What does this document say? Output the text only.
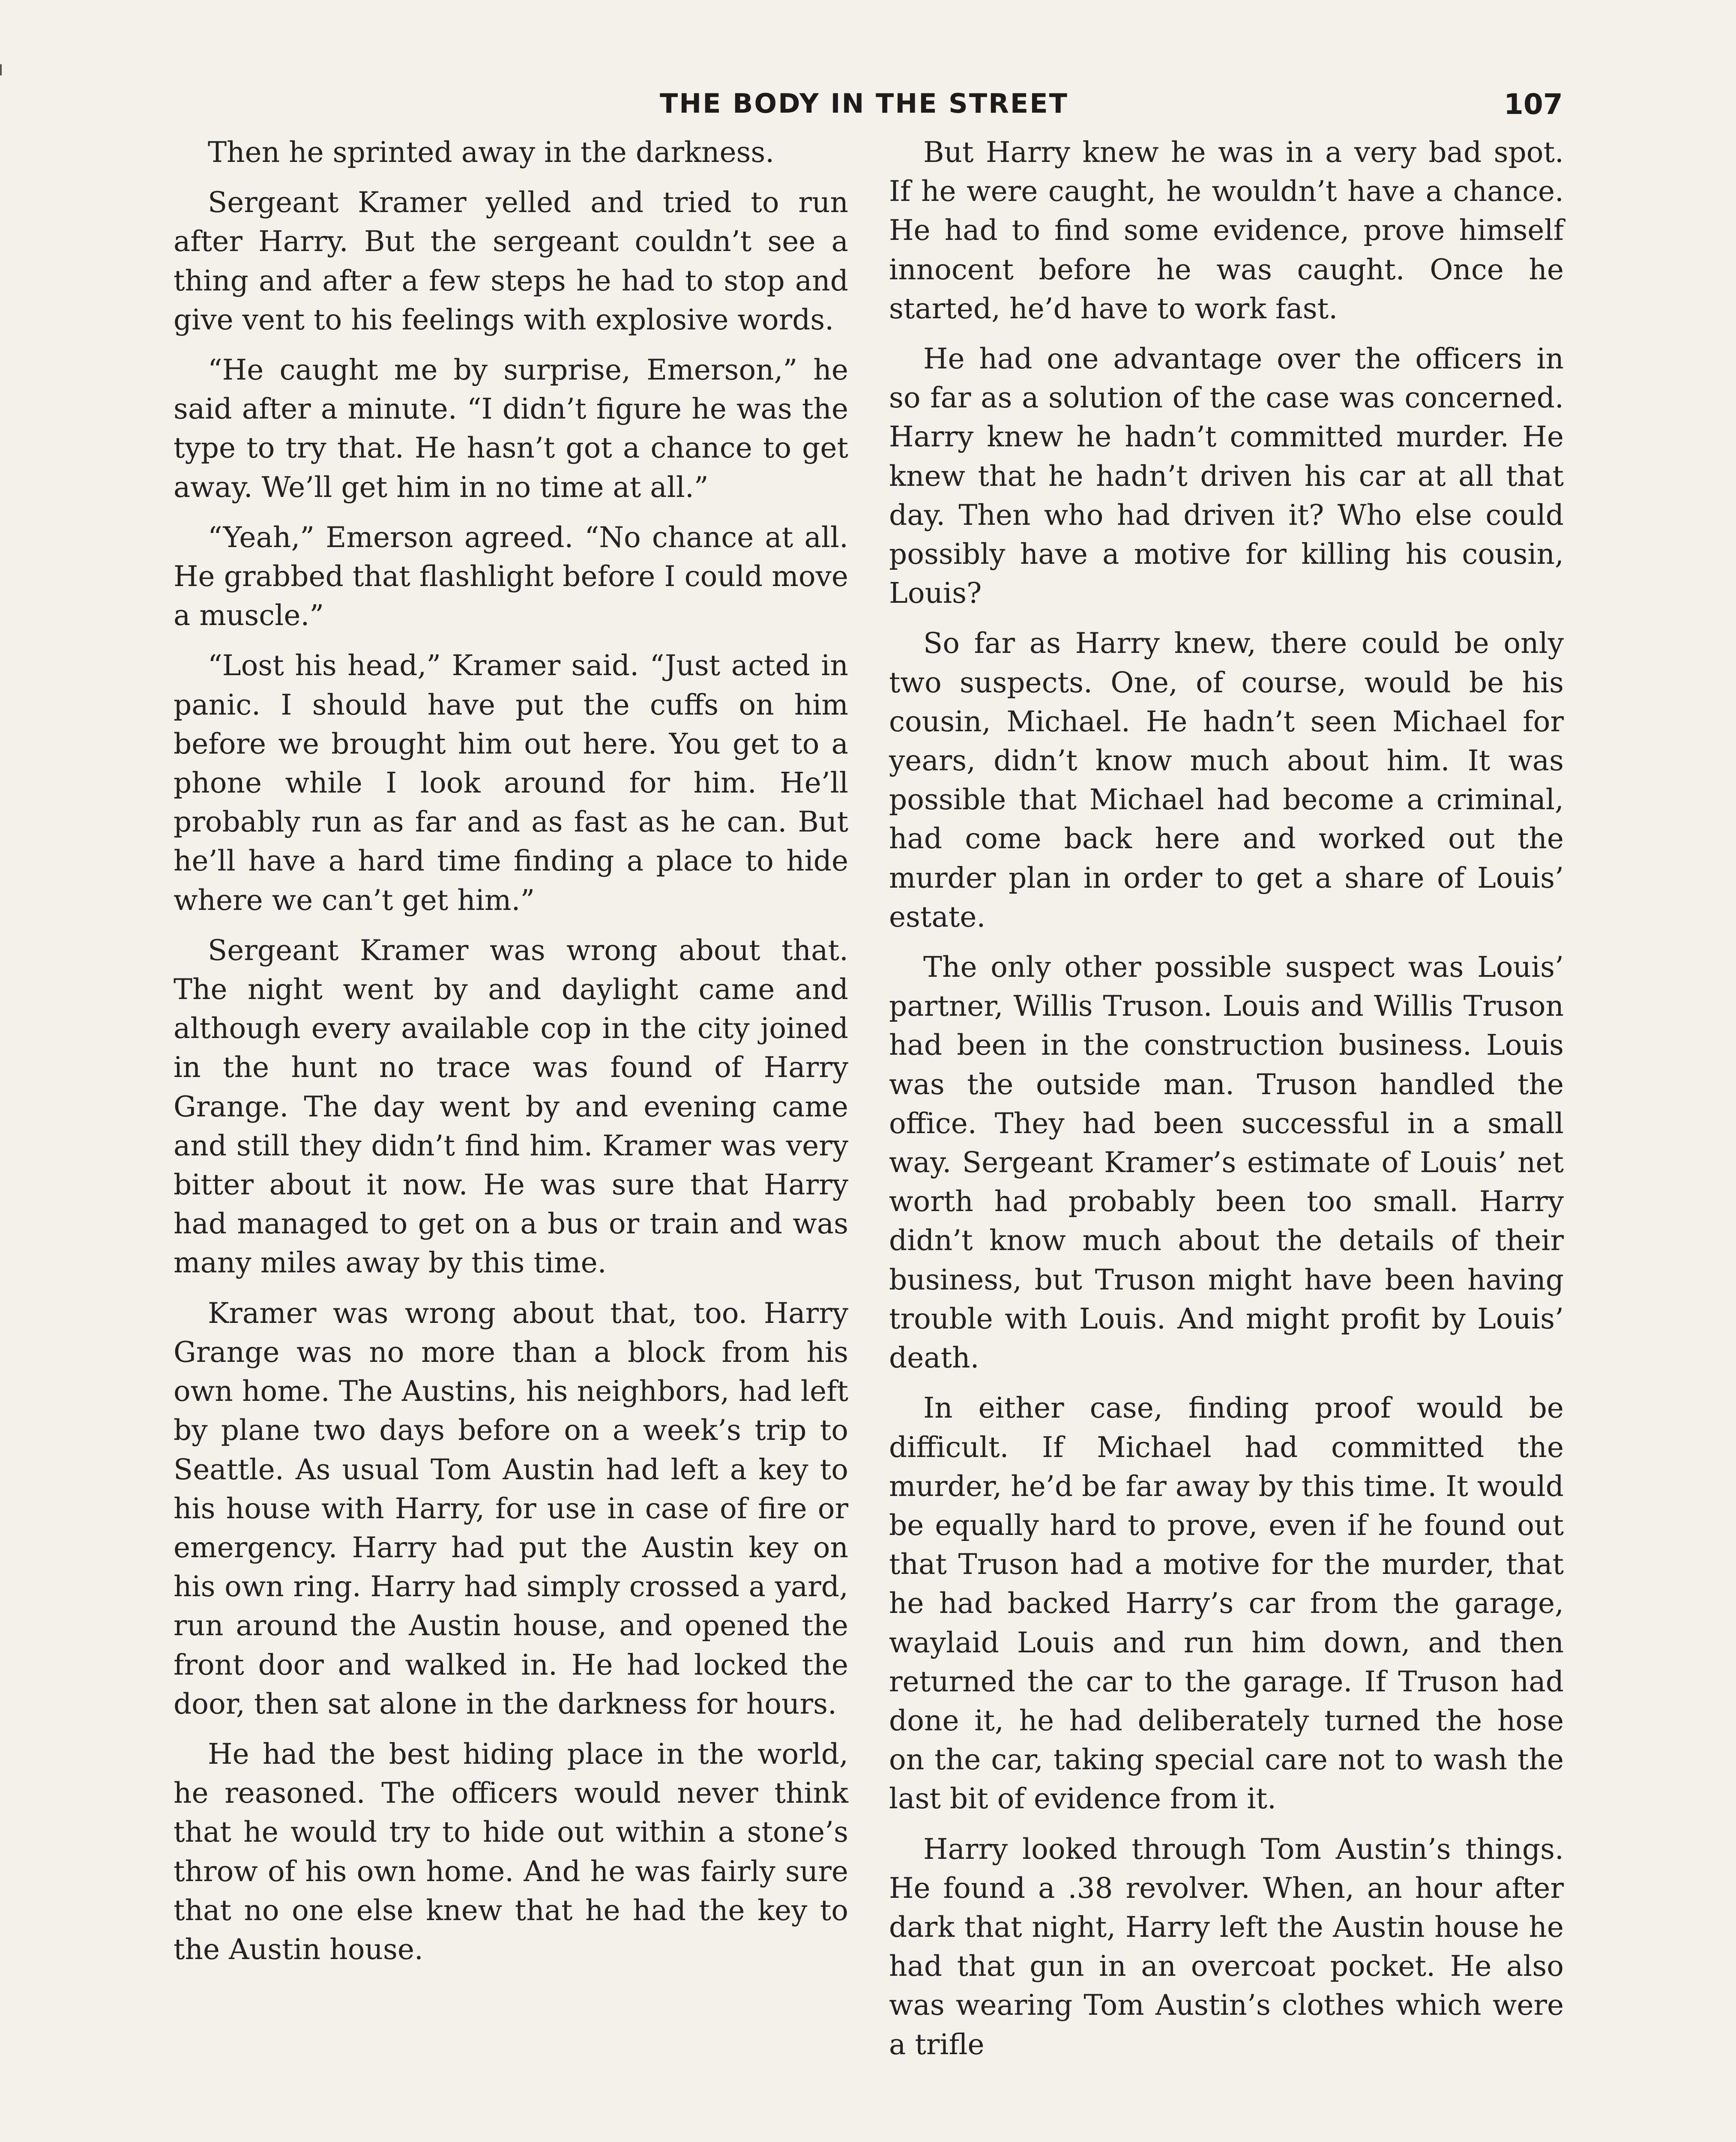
THE BODY IN THE STREET	107

Then he sprinted away in the darkness.

Sergeant Kramer yelled and tried to run after Harry. But the sergeant couldn’t see a thing and after a few steps he had to stop and give vent to his feelings with explosive words.

“He caught me by surprise, Emerson,” he said after a minute. “I didn’t figure he was the type to try that. He hasn’t got a chance to get away. We’ll get him in no time at all.”

“Yeah,” Emerson agreed. “No chance at all. He grabbed that flashlight before I could move a muscle.”

“Lost his head,” Kramer said. “Just acted in panic. I should have put the cuffs on him before we brought him out here. You get to a phone while I look around for him. He’ll probably run as far and as fast as he can. But he’ll have a hard time finding a place to hide where we can’t get him.”

Sergeant Kramer was wrong about that. The night went by and daylight came and although every available cop in the city joined in the hunt no trace was found of Harry Grange. The day went by and evening came and still they didn’t find him. Kramer was very bitter about it now. He was sure that Harry had managed to get on a bus or train and was many miles away by this time.

Kramer was wrong about that, too. Harry Grange was no more than a block from his own home. The Austins, his neighbors, had left by plane two days before on a week’s trip to Seattle. As usual Tom Austin had left a key to his house with Harry, for use in case of fire or emergency. Harry had put the Austin key on his own ring. Harry had simply crossed a yard, run around the Austin house, and opened the front door and walked in. He had locked the door, then sat alone in the darkness for hours.

He had the best hiding place in the world, he reasoned. The officers would never think that he would try to hide out within a stone’s throw of his own home. And he was fairly sure that no one else knew that he had the key to the Austin house.

But Harry knew he was in a very bad spot. If he were caught, he wouldn’t have a chance. He had to find some evidence, prove himself innocent before he was caught. Once he started, he’d have to work fast.

He had one advantage over the officers in so far as a solution of the case was concerned. Harry knew he hadn’t committed murder. He knew that he hadn’t driven his car at all that day. Then who had driven it? Who else could possibly have a motive for killing his cousin, Louis?

So far as Harry knew, there could be only two suspects. One, of course, would be his cousin, Michael. He hadn’t seen Michael for years, didn’t know much about him. It was possible that Michael had become a criminal, had come back here and worked out the murder plan in order to get a share of Louis’ estate.

The only other possible suspect was Louis’ partner, Willis Truson. Louis and Willis Truson had been in the construction business. Louis was the outside man. Truson handled the office. They had been successful in a small way. Sergeant Kramer’s estimate of Louis’ net worth had probably been too small. Harry didn’t know much about the details of their business, but Truson might have been having trouble with Louis. And might profit by Louis’ death.

In either case, finding proof would be difficult. If Michael had committed the murder, he’d be far away by this time. It would be equally hard to prove, even if he found out that Truson had a motive for the murder, that he had backed Harry’s car from the garage, waylaid Louis and run him down, and then returned the car to the garage. If Truson had done it, he had deliberately turned the hose on the car, taking special care not to wash the last bit of evidence from it.

Harry looked through Tom Austin’s things. He found a .38 revolver. When, an hour after dark that night, Harry left the Austin house he had that gun in an overcoat pocket. He also was wearing Tom Austin’s clothes which were a trifle
